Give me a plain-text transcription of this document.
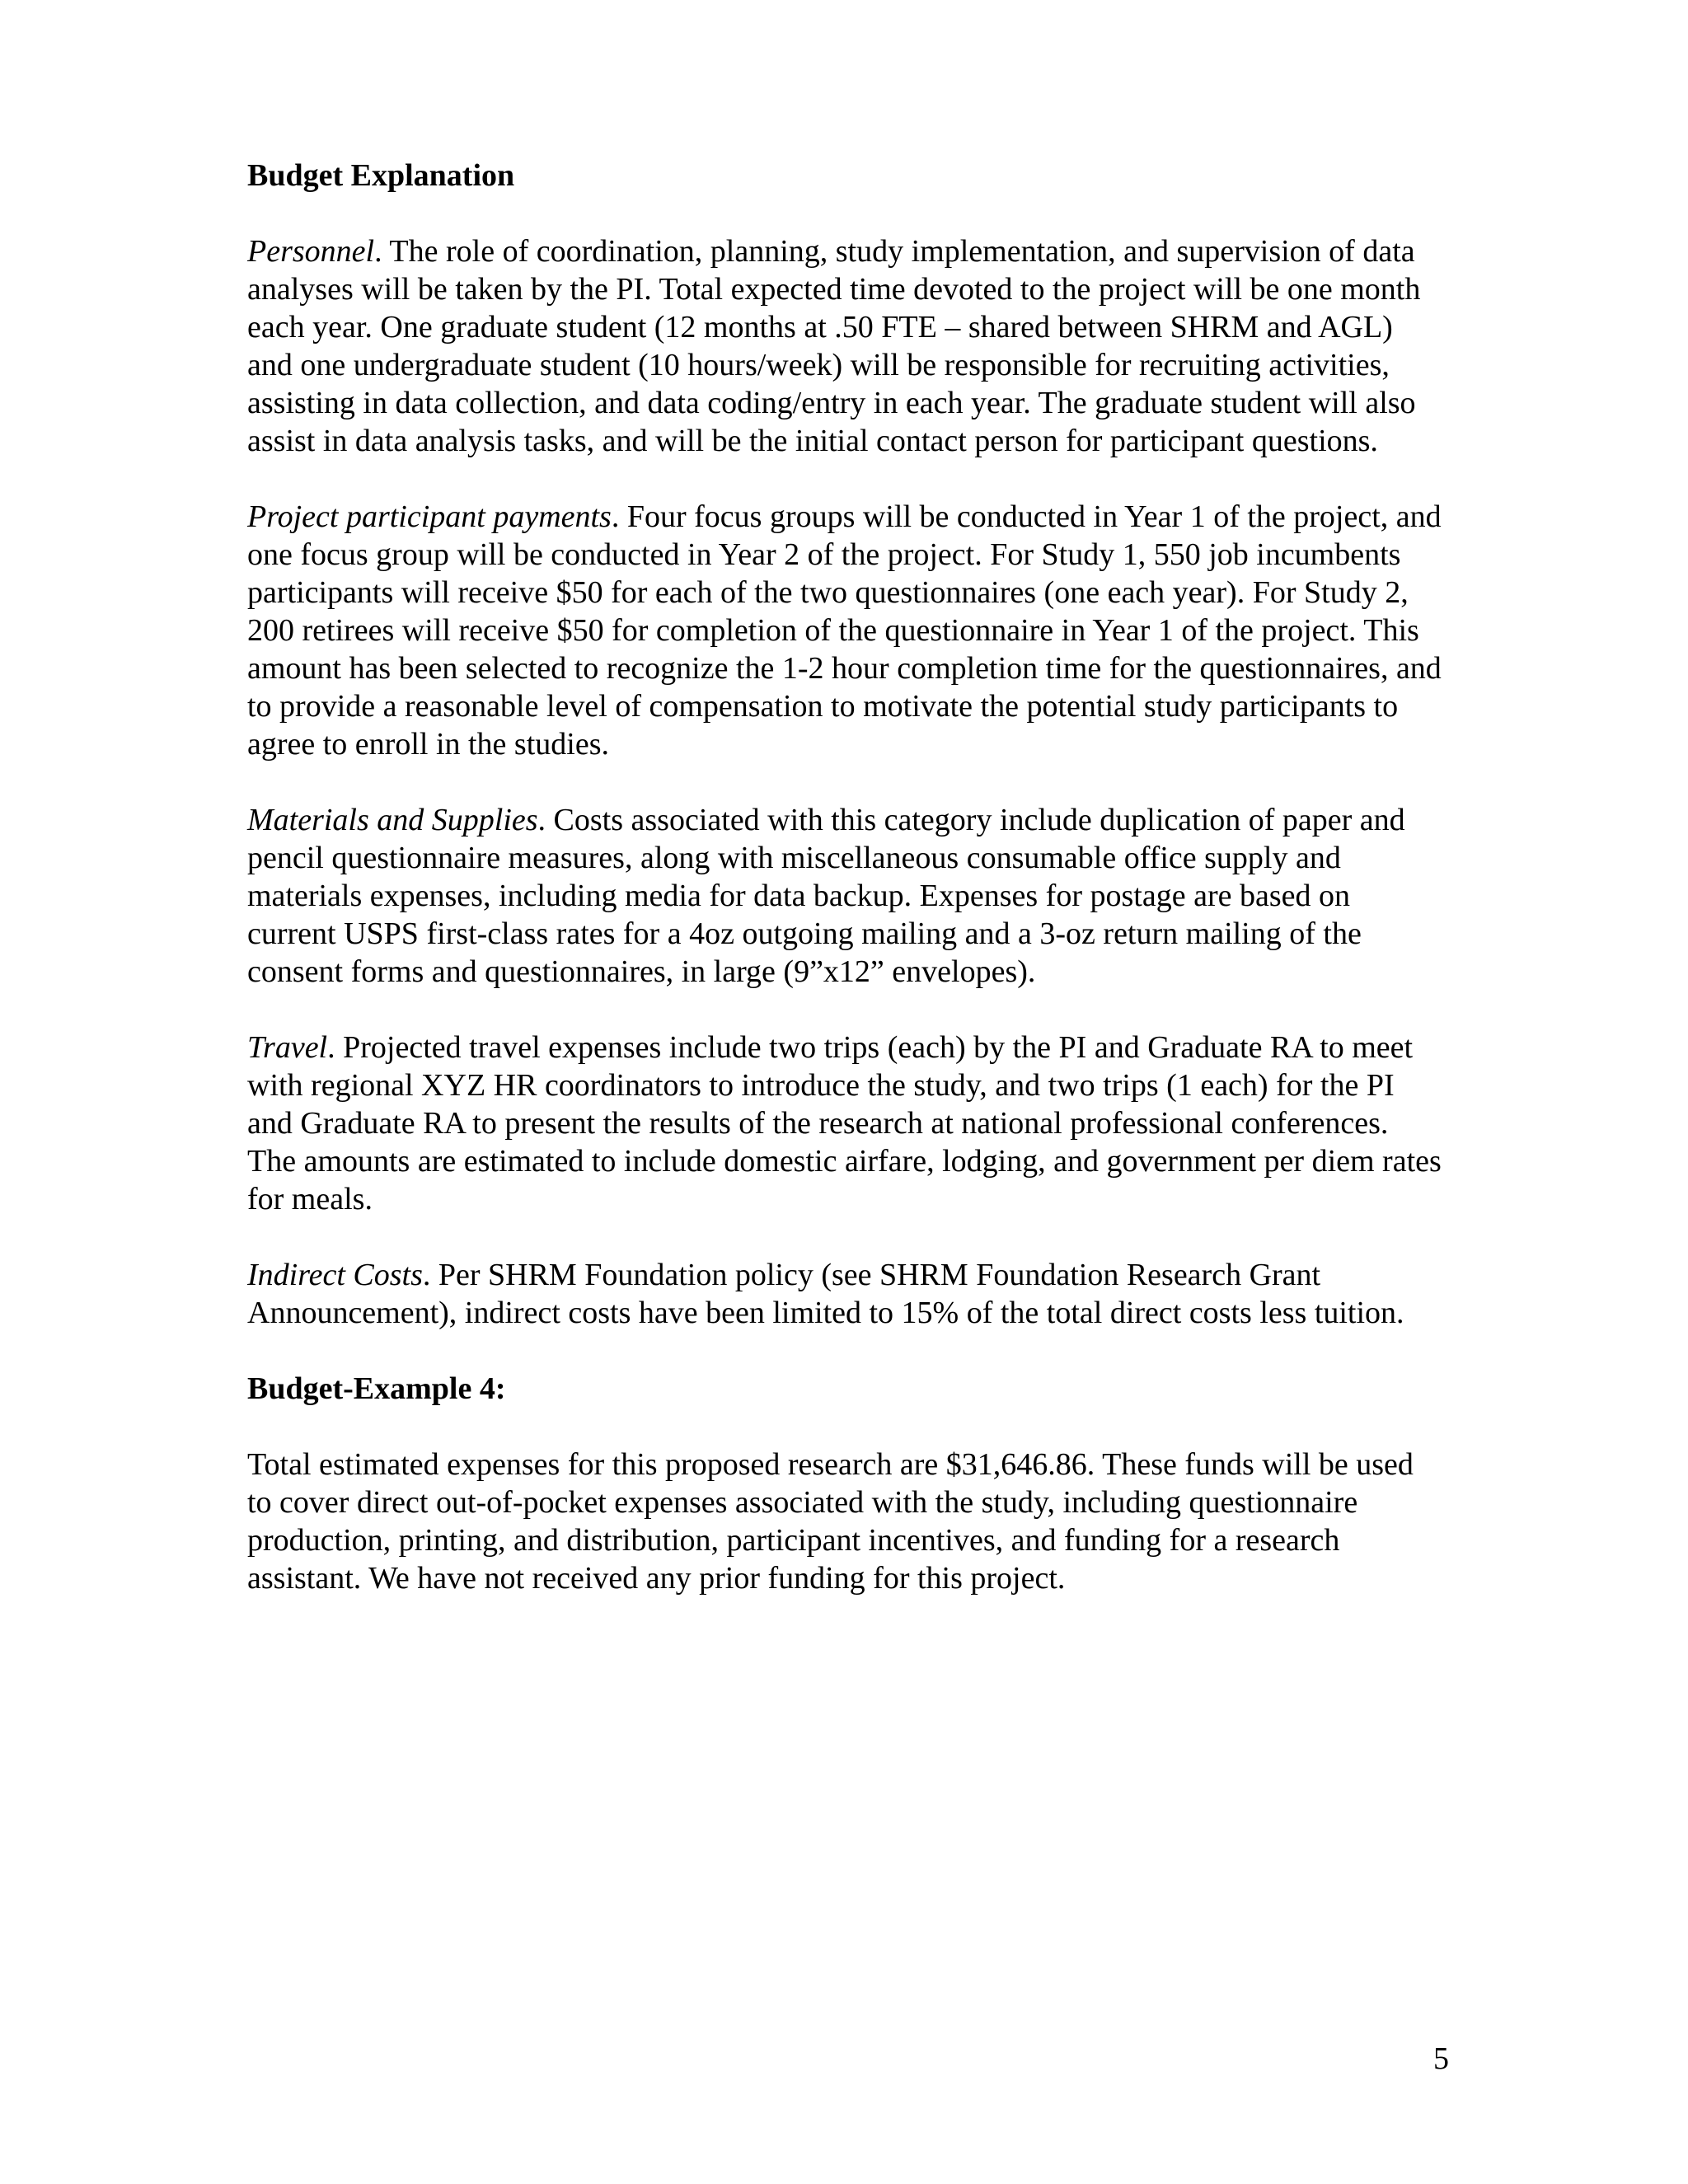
Budget Explanation

Personnel. The role of coordination, planning, study implementation, and supervision of data analyses will be taken by the PI. Total expected time devoted to the project will be one month each year. One graduate student (12 months at .50 FTE – shared between SHRM and AGL) and one undergraduate student (10 hours/week) will be responsible for recruiting activities, assisting in data collection, and data coding/entry in each year. The graduate student will also assist in data analysis tasks, and will be the initial contact person for participant questions.

Project participant payments. Four focus groups will be conducted in Year 1 of the project, and one focus group will be conducted in Year 2 of the project. For Study 1, 550 job incumbents participants will receive $50 for each of the two questionnaires (one each year). For Study 2, 200 retirees will receive $50 for completion of the questionnaire in Year 1 of the project. This amount has been selected to recognize the 1-2 hour completion time for the questionnaires, and to provide a reasonable level of compensation to motivate the potential study participants to agree to enroll in the studies.

Materials and Supplies. Costs associated with this category include duplication of paper and pencil questionnaire measures, along with miscellaneous consumable office supply and materials expenses, including media for data backup. Expenses for postage are based on current USPS first-class rates for a 4oz outgoing mailing and a 3-oz return mailing of the consent forms and questionnaires, in large (9”x12” envelopes).

Travel. Projected travel expenses include two trips (each) by the PI and Graduate RA to meet with regional XYZ HR coordinators to introduce the study, and two trips (1 each) for the PI and Graduate RA to present the results of the research at national professional conferences. The amounts are estimated to include domestic airfare, lodging, and government per diem rates for meals.

Indirect Costs. Per SHRM Foundation policy (see SHRM Foundation Research Grant Announcement), indirect costs have been limited to 15% of the total direct costs less tuition.

Budget-Example 4:

Total estimated expenses for this proposed research are $31,646.86. These funds will be used to cover direct out-of-pocket expenses associated with the study, including questionnaire production, printing, and distribution, participant incentives, and funding for a research assistant. We have not received any prior funding for this project.

5
